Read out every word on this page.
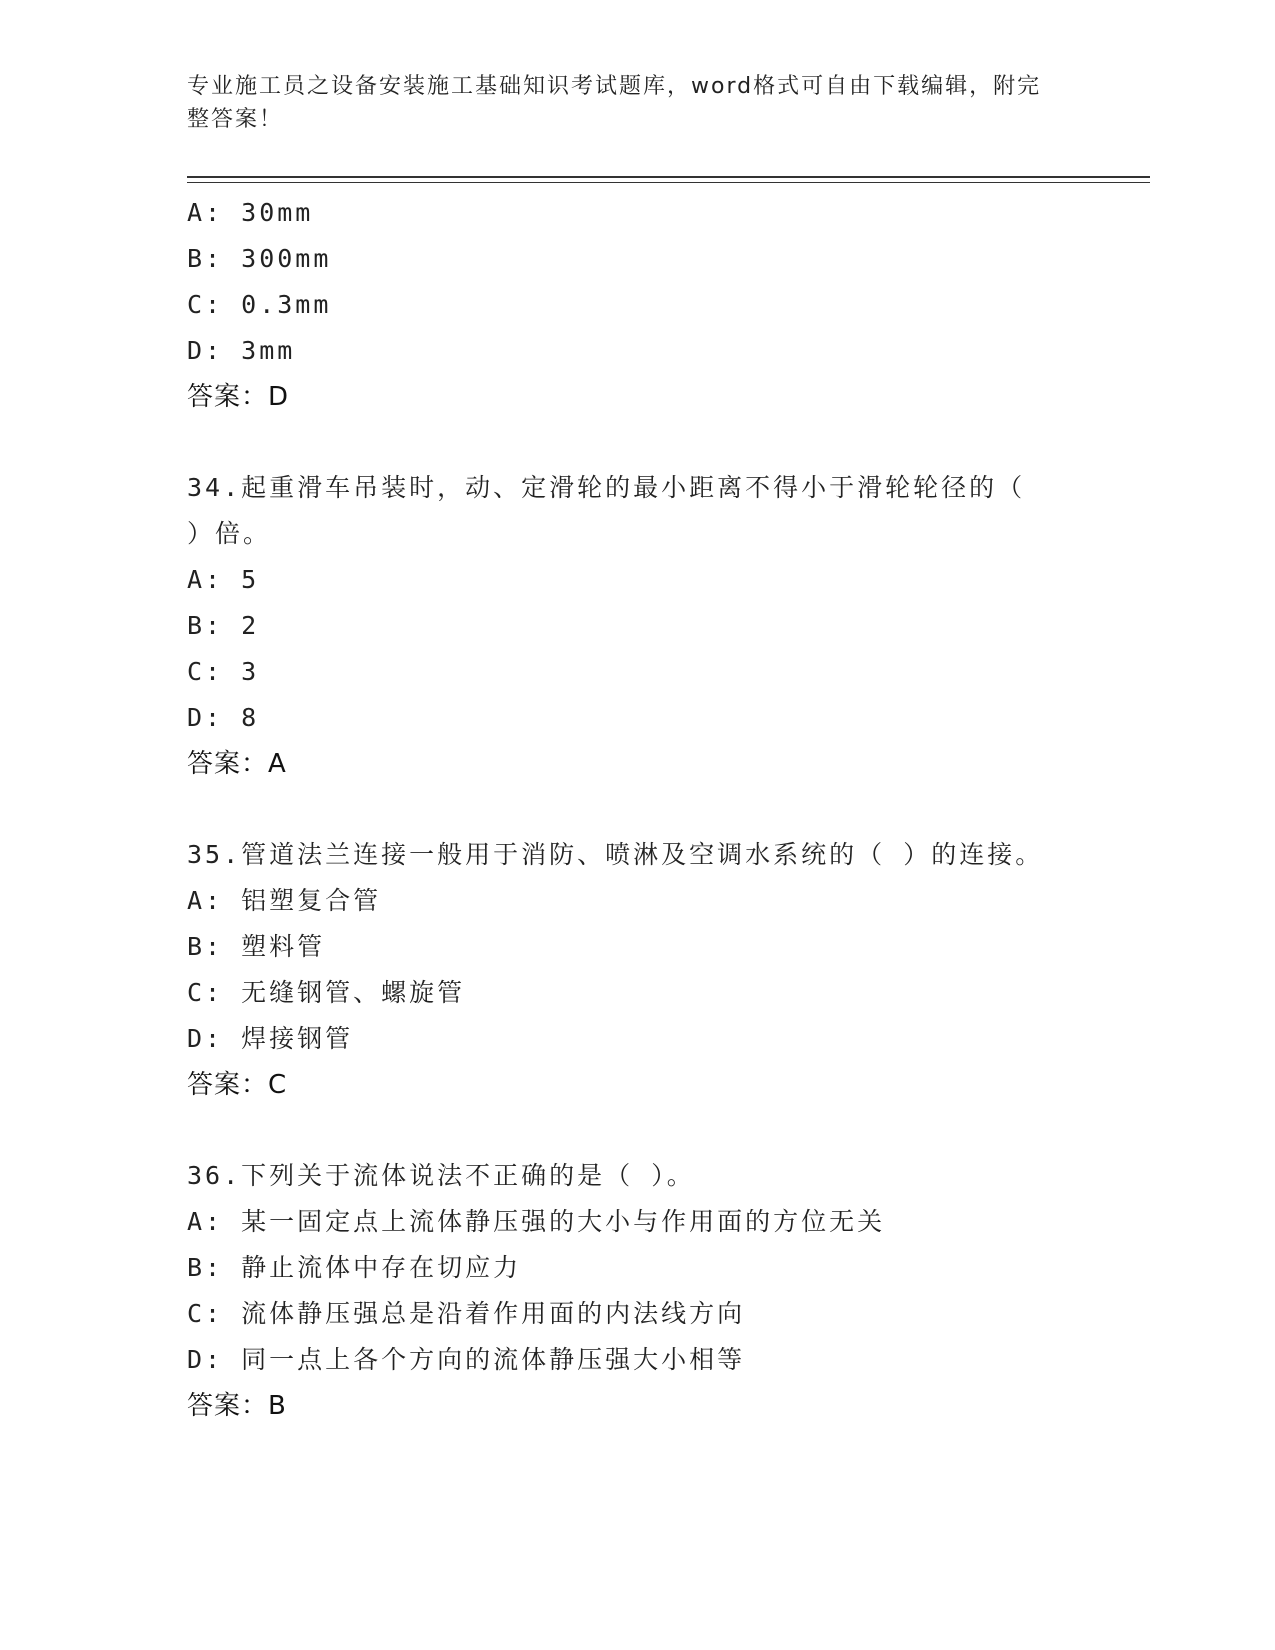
专业施工员之设备安装施工基础知识考试题库，word格式可自由下载编辑，附完
整答案！
A: 30mm
B: 300mm
C: 0.3mm
D: 3mm
答案：D
34.起重滑车吊装时，动、定滑轮的最小距离不得小于滑轮轮径的（
）倍。
A: 5
B: 2
C: 3
D: 8
答案：A
35.管道法兰连接一般用于消防、喷淋及空调水系统的（ ）的连接。
A: 铝塑复合管
B: 塑料管
C: 无缝钢管、螺旋管
D: 焊接钢管
答案：C
36.下列关于流体说法不正确的是（ ）。
A: 某一固定点上流体静压强的大小与作用面的方位无关
B: 静止流体中存在切应力
C: 流体静压强总是沿着作用面的内法线方向
D: 同一点上各个方向的流体静压强大小相等
答案：B
